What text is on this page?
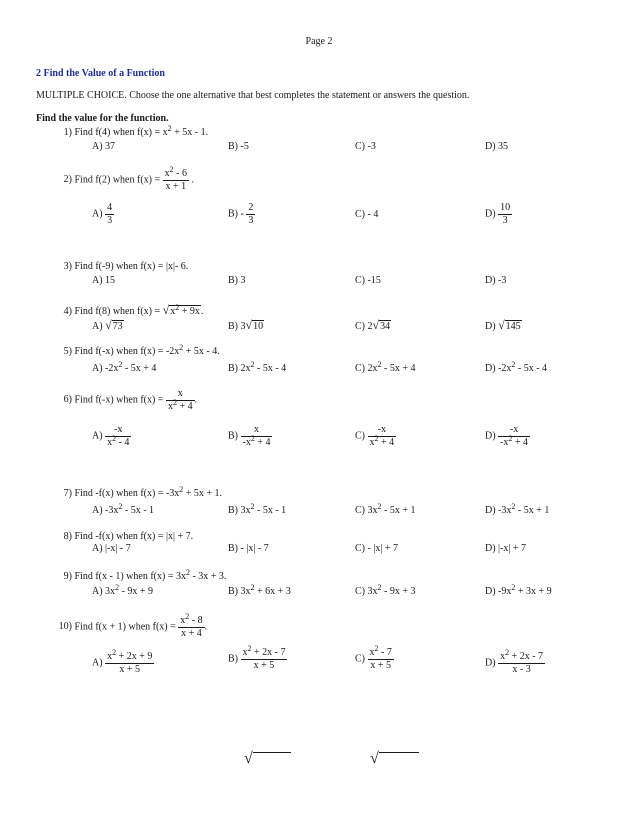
Page 2
2 Find the Value of a Function
MULTIPLE CHOICE. Choose the one alternative that best completes the statement or answers the question.
Find the value for the function.
1) Find f(4) when $f(x) = x^2 + 5x - 1$.
A) 37	B) -5	C) -3	D) 35
2) Find f(2) when $f(x) = \frac{x^2 - 6}{x + 1}$ .
$A) \frac{4}{3}$	$B) - \frac{2}{3}$	C) - 4	$D) \frac{10}{3}$
3) Find f(-9) when f(x) = |x|- 6.
A) 15	B) 3	C) -15	D) -3
4) Find f(8) when $f(x) = √x^2 + 9x$.
A) √73	B) 3√10	C) 2√34	D) √145
5) Find f(-x) when $f(x) = -2x^2 + 5x - 4$.
A) $-2x^2 - 5x + 4$	B) $2x^2 - 5x - 4$	C) $2x^2 - 5x + 4$	D) $-2x^2 - 5x - 4$
6) Find f(-x) when $f(x) = \frac{x}{x^2 + 4}$ .
$A) \frac{-x}{x^2 - 4}$	$B) \frac{x}{-x^2 + 4}$	$C) \frac{-x}{x^2 + 4}$	$D) \frac{-x}{-x^2 + 4}$
7) Find -f(x) when $f(x) = -3x^2 + 5x + 1$.
A) $-3x^2 - 5x - 1$	B) $3x^2 - 5x - 1$	C) $3x^2 - 5x + 1$	D) $-3x^2 - 5x + 1$
8) Find -f(x) when f(x) = |x| + 7.
A) |-x| - 7	B) - |x| - 7	C) - |x| + 7	D) |-x| + 7
9) Find f(x - 1) when $f(x) = 3x^2 - 3x + 3$.
A) $3x^2 - 9x + 9$	B) $3x^2 + 6x + 3$	C) $3x^2 - 9x + 3$	D) $-9x^2 + 3x + 9$
10) Find f(x + 1) when $f(x) = \frac{x^2 - 8}{x + 4}$ .
$A) \frac{x^2 + 2x + 9}{x + 5}$	$B) \frac{x^2 + 2x - 7}{x + 5}$	$C) \frac{x^2 - 7}{x + 5}$	$D) \frac{x^2 + 2x - 7}{x - 3}$
√	√
